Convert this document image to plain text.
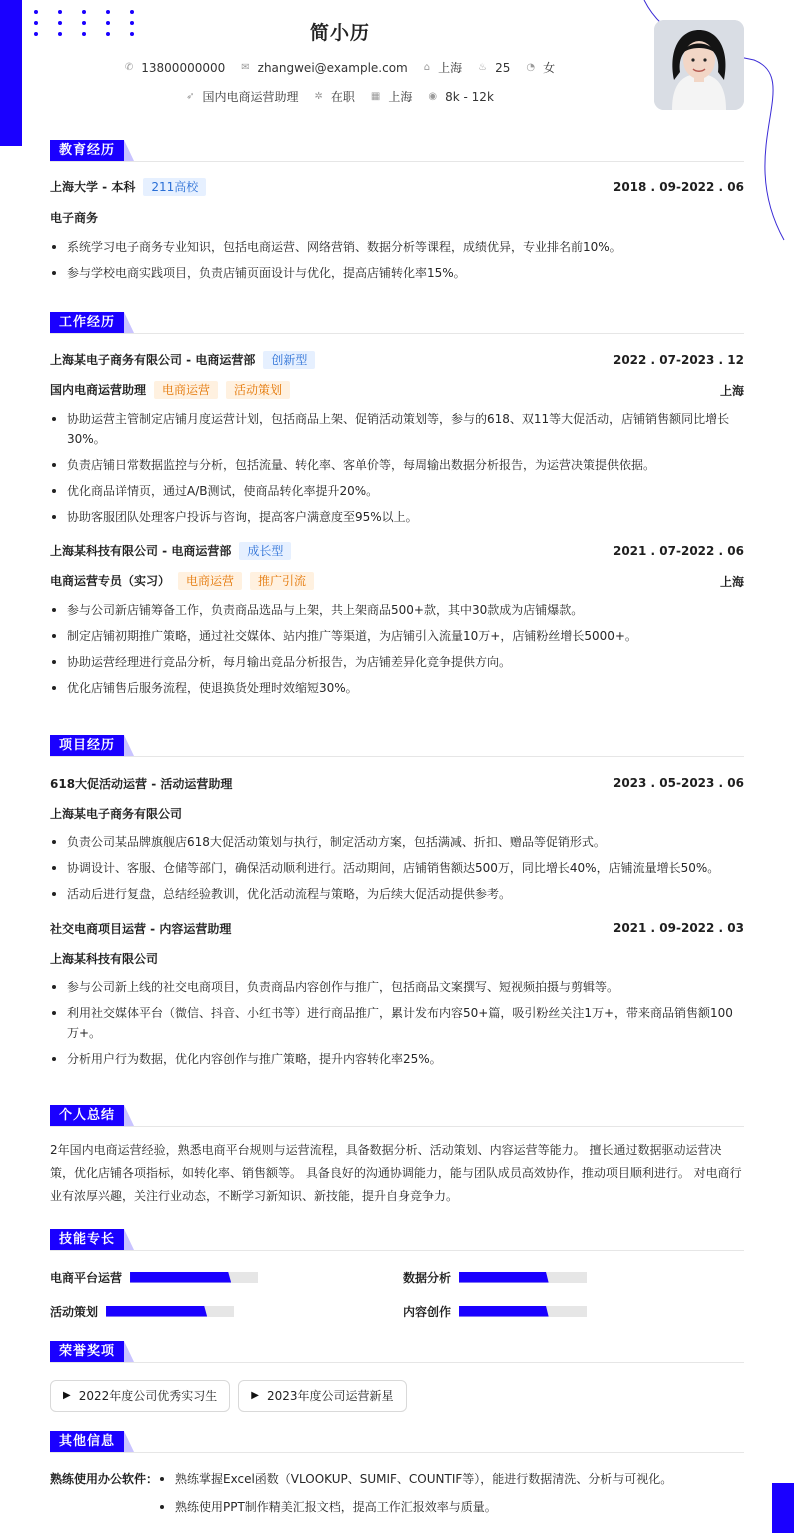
简小历
✆ 13800000000 ✉ zhangwei@example.com ⌂ 上海 ♨ 25 ◔ 女
➶ 国内电商运营助理 ✲ 在职 ▦ 上海 ◉ 8k - 12k
教育经历
上海大学 - 本科 211高校	2018 . 09-2022 . 06
电子商务
系统学习电子商务专业知识，包括电商运营、网络营销、数据分析等课程，成绩优异，专业排名前10%。
参与学校电商实践项目，负责店铺页面设计与优化，提高店铺转化率15%。
工作经历
上海某电子商务有限公司 - 电商运营部 创新型	2022 . 07-2023 . 12
国内电商运营助理 电商运营 活动策划	上海
协助运营主管制定店铺月度运营计划，包括商品上架、促销活动策划等，参与的618、双11等大促活动，店铺销售额同比增长30%。
负责店铺日常数据监控与分析，包括流量、转化率、客单价等，每周输出数据分析报告，为运营决策提供依据。
优化商品详情页，通过A/B测试，使商品转化率提升20%。
协助客服团队处理客户投诉与咨询，提高客户满意度至95%以上。
上海某科技有限公司 - 电商运营部 成长型	2021 . 07-2022 . 06
电商运营专员（实习） 电商运营 推广引流	上海
参与公司新店铺筹备工作，负责商品选品与上架，共上架商品500+款，其中30款成为店铺爆款。
制定店铺初期推广策略，通过社交媒体、站内推广等渠道，为店铺引入流量10万+，店铺粉丝增长5000+。
协助运营经理进行竞品分析，每月输出竞品分析报告，为店铺差异化竞争提供方向。
优化店铺售后服务流程，使退换货处理时效缩短30%。
项目经历
618大促活动运营 - 活动运营助理	2023 . 05-2023 . 06
上海某电子商务有限公司
负责公司某品牌旗舰店618大促活动策划与执行，制定活动方案，包括满减、折扣、赠品等促销形式。
协调设计、客服、仓储等部门，确保活动顺利进行。活动期间，店铺销售额达500万，同比增长40%，店铺流量增长50%。
活动后进行复盘，总结经验教训，优化活动流程与策略，为后续大促活动提供参考。
社交电商项目运营 - 内容运营助理	2021 . 09-2022 . 03
上海某科技有限公司
参与公司新上线的社交电商项目，负责商品内容创作与推广，包括商品文案撰写、短视频拍摄与剪辑等。
利用社交媒体平台（微信、抖音、小红书等）进行商品推广，累计发布内容50+篇，吸引粉丝关注1万+，带来商品销售额100万+。
分析用户行为数据，优化内容创作与推广策略，提升内容转化率25%。
个人总结
2年国内电商运营经验，熟悉电商平台规则与运营流程，具备数据分析、活动策划、内容运营等能力。 擅长通过数据驱动运营决策，优化店铺各项指标，如转化率、销售额等。 具备良好的沟通协调能力，能与团队成员高效协作，推动项目顺利进行。 对电商行业有浓厚兴趣，关注行业动态，不断学习新知识、新技能，提升自身竞争力。
技能专长
电商平台运营	数据分析
活动策划	内容创作
荣誉奖项
▶ 2022年度公司优秀实习生	▶ 2023年度公司运营新星
其他信息
熟练使用办公软件：	熟练掌握Excel函数（VLOOKUP、SUMIF、COUNTIF等），能进行数据清洗、分析与可视化。
熟练使用PPT制作精美汇报文档，提高工作汇报效率与质量。
